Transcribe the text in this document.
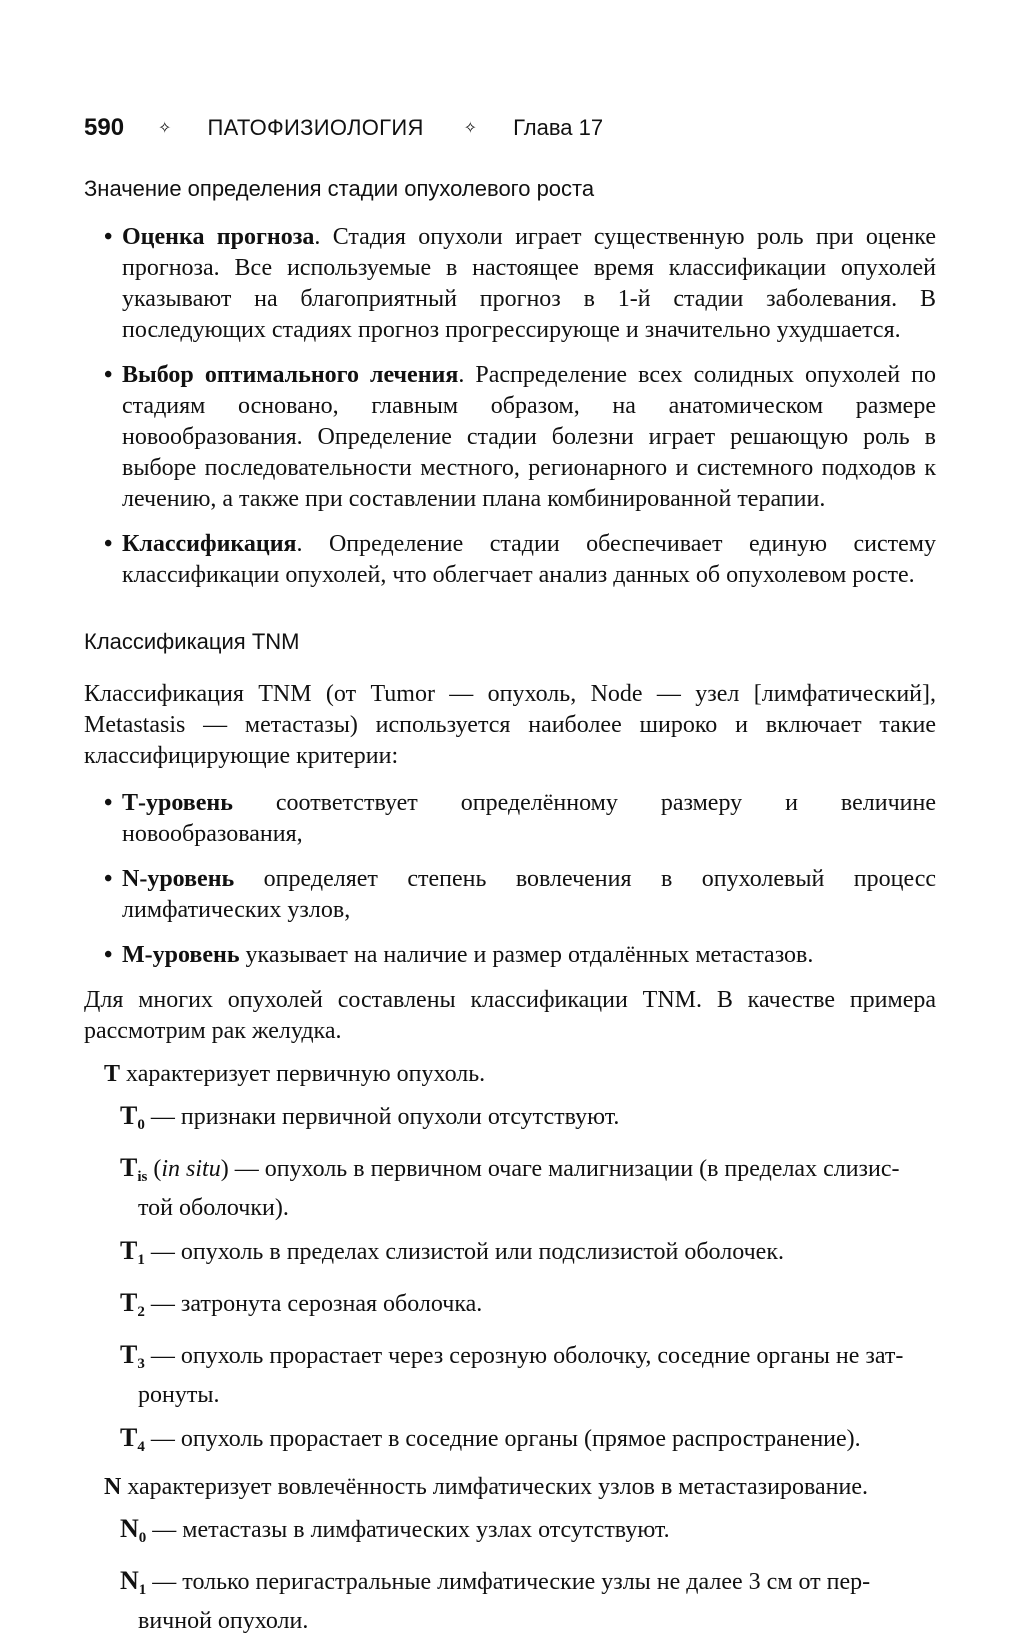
590 ✧ ПАТОФИЗИОЛОГИЯ	✧ Глава 17
Значение определения стадии опухолевого роста
• Оценка прогноза. Стадия опухоли играет существенную роль при оценке прогноза. Все используемые в настоящее время классификации опухолей указывают на благоприятный прогноз в 1-й стадии заболевания. В последующих стадиях прогноз прогрессирующе и значительно ухудшается.
• Выбор оптимального лечения. Распределение всех солидных опухолей по стадиям основано, главным образом, на анатомическом размере новообразования. Определение стадии болезни играет решающую роль в выборе последовательности местного, регионарного и системного подходов к лечению, а также при составлении плана комбинированной терапии.
• Классификация. Определение стадии обеспечивает единую систему классификации опухолей, что облегчает анализ данных об опухолевом росте.
Классификация TNM

Классификация TNM (от Tumor — опухоль, Node — узел [лимфатический], Metastasis — метастазы) используется наиболее широко и включает такие классифицирующие критерии:

• Т-уровень соответствует определённому размеру и величине новообразования,
• N-уровень определяет степень вовлечения в опухолевый процесс лимфатических узлов,
• М-уровень указывает на наличие и размер отдалённых метастазов.

Для многих опухолей составлены классификации TNM. В качестве примера рассмотрим рак желудка.

Т характеризует первичную опухоль.
$T_0$ — признаки первичной опухоли отсутствуют.
$T_{is}$ (in situ) — опухоль в первичном очаге малигнизации (в пределах слизис-
той оболочки).
$T_1$ — опухоль в пределах слизистой или подслизистой оболочек.
$T_2$ — затронута серозная оболочка.
$T_3$ — опухоль прорастает через серозную оболочку, соседние органы не зат-
ронуты.
$T_4$ — опухоль прорастает в соседние органы (прямое распространение).
N характеризует вовлечённость лимфатических узлов в метастазирование.
$N_0$ — метастазы в лимфатических узлах отсутствуют.
$N_1$ — только перигастральные лимфатические узлы не далее 3 см от пер-
вичной опухоли.
